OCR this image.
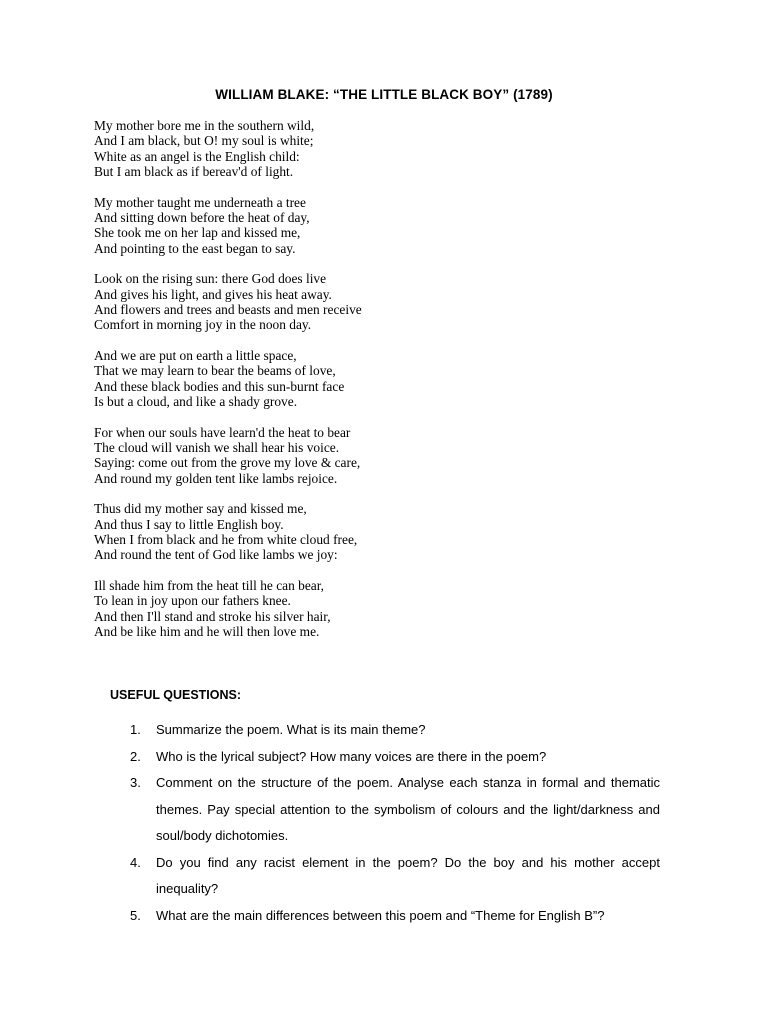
WILLIAM BLAKE: “THE LITTLE BLACK BOY” (1789)
My mother bore me in the southern wild,
And I am black, but O! my soul is white;
White as an angel is the English child:
But I am black as if bereav'd of light.
My mother taught me underneath a tree
And sitting down before the heat of day,
She took me on her lap and kissed me,
And pointing to the east began to say.
Look on the rising sun: there God does live
And gives his light, and gives his heat away.
And flowers and trees and beasts and men receive
Comfort in morning joy in the noon day.
And we are put on earth a little space,
That we may learn to bear the beams of love,
And these black bodies and this sun-burnt face
Is but a cloud, and like a shady grove.
For when our souls have learn'd the heat to bear
The cloud will vanish we shall hear his voice.
Saying: come out from the grove my love & care,
And round my golden tent like lambs rejoice.
Thus did my mother say and kissed me,
And thus I say to little English boy.
When I from black and he from white cloud free,
And round the tent of God like lambs we joy:
Ill shade him from the heat till he can bear,
To lean in joy upon our fathers knee.
And then I'll stand and stroke his silver hair,
And be like him and he will then love me.
USEFUL QUESTIONS:
1. Summarize the poem. What is its main theme?
2. Who is the lyrical subject? How many voices are there in the poem?
3. Comment on the structure of the poem. Analyse each stanza in formal and thematic themes. Pay special attention to the symbolism of colours and the light/darkness and soul/body dichotomies.
4. Do you find any racist element in the poem? Do the boy and his mother accept inequality?
5. What are the main differences between this poem and “Theme for English B”?
